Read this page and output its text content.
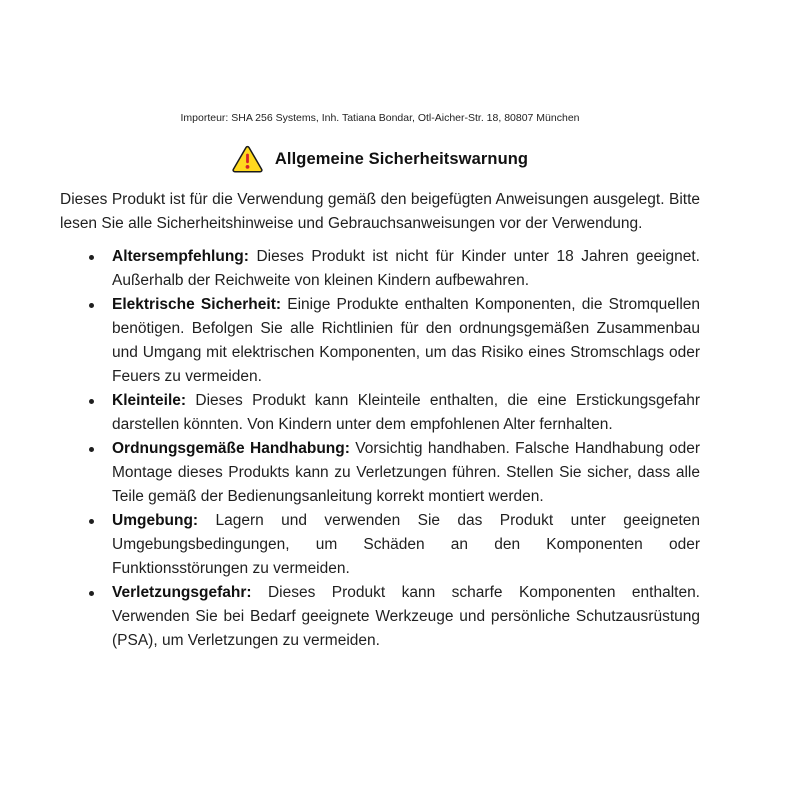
Importeur: SHA 256 Systems, Inh. Tatiana Bondar, Otl-Aicher-Str. 18, 80807 München
Allgemeine Sicherheitswarnung

Dieses Produkt ist für die Verwendung gemäß den beigefügten Anweisungen ausgelegt. Bitte lesen Sie alle Sicherheitshinweise und Gebrauchsanweisungen vor der Verwendung.

Altersempfehlung: Dieses Produkt ist nicht für Kinder unter 18 Jahren geeignet. Außerhalb der Reichweite von kleinen Kindern aufbewahren.
Elektrische Sicherheit: Einige Produkte enthalten Komponenten, die Stromquellen benötigen. Befolgen Sie alle Richtlinien für den ordnungsgemäßen Zusammenbau und Umgang mit elektrischen Komponenten, um das Risiko eines Stromschlags oder Feuers zu vermeiden.
Kleinteile: Dieses Produkt kann Kleinteile enthalten, die eine Erstickungsgefahr darstellen könnten. Von Kindern unter dem empfohlenen Alter fernhalten.
Ordnungsgemäße Handhabung: Vorsichtig handhaben. Falsche Handhabung oder Montage dieses Produkts kann zu Verletzungen führen. Stellen Sie sicher, dass alle Teile gemäß der Bedienungsanleitung korrekt montiert werden.
Umgebung: Lagern und verwenden Sie das Produkt unter geeigneten Umgebungsbedingungen, um Schäden an den Komponenten oder Funktionsstörungen zu vermeiden.
Verletzungsgefahr: Dieses Produkt kann scharfe Komponenten enthalten. Verwenden Sie bei Bedarf geeignete Werkzeuge und persönliche Schutzausrüstung (PSA), um Verletzungen zu vermeiden.
